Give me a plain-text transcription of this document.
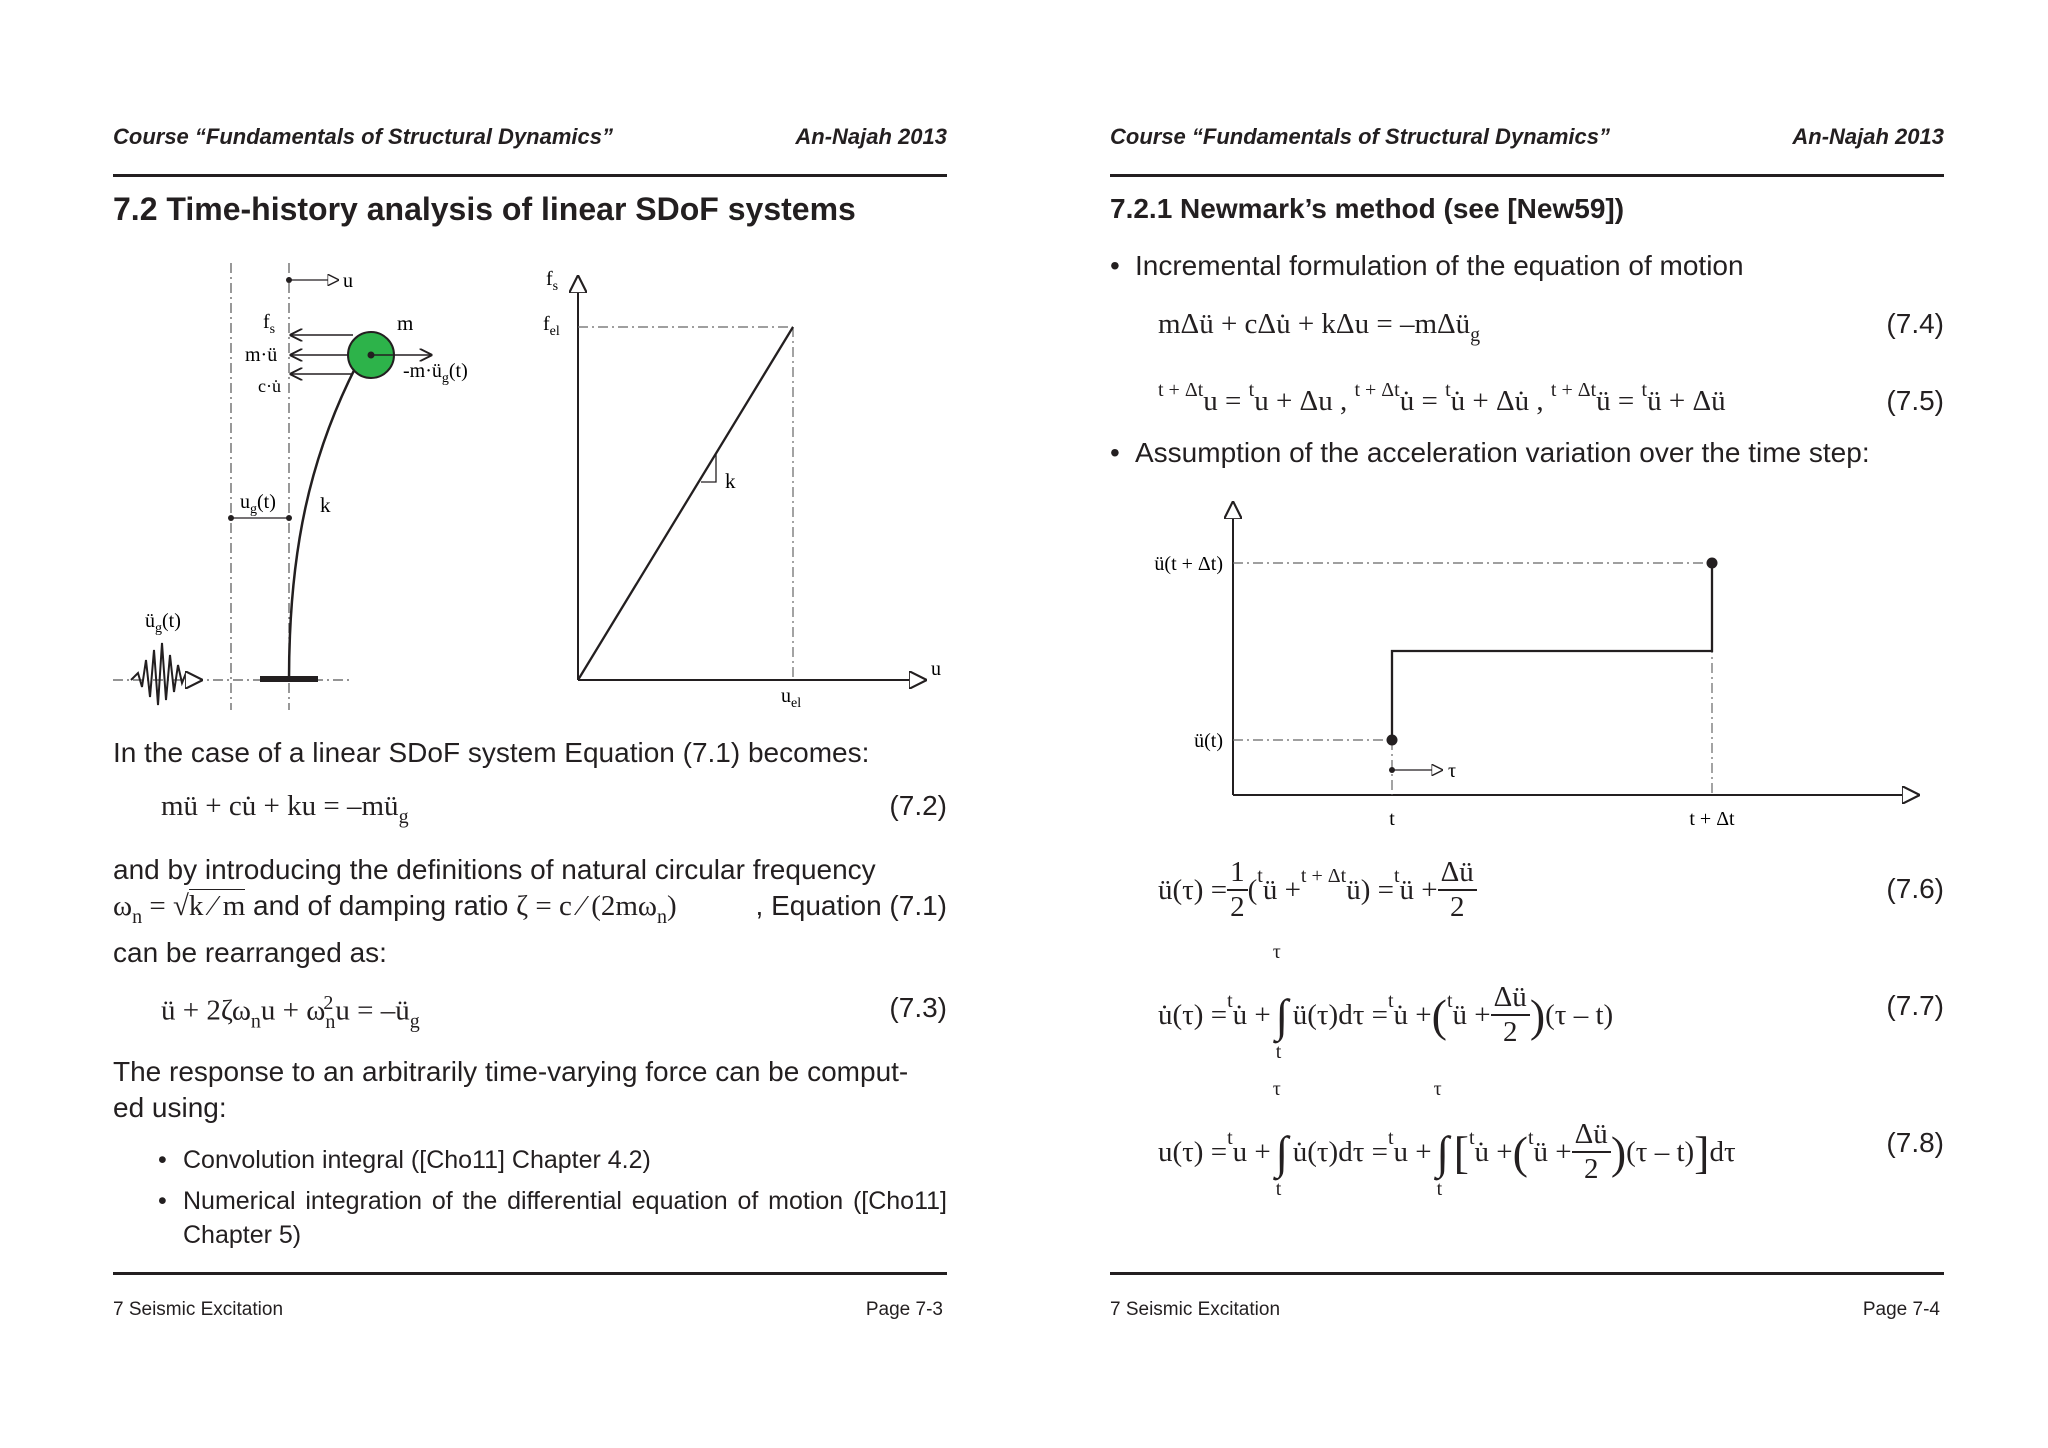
Course “Fundamentals of Structural Dynamics”	An-Najah 2013
7.2 Time-history analysis of linear SDoF systems
u
m
$f_s$
m·ü
c·u̇
$-m\cdot ü_g(t)$
$u_g(t)$ k
$ü_g(t)$
k
$f_s$
$f_{el}$
$u_{el}$
u
In the case of a linear SDoF system Equation (7.1) becomes:
mü + cu̇ + ku = $-mü_g$	(7.2)
and by introducing the definitions of natural circular frequency
$\omega_n = √k$ ⁄ m and of damping ratio ζ = c ⁄ $(2m\omega_n)$	, Equation (7.1)
can be rearranged as:
ü + $2\zeta\omega_nu + \omega^2_nu$ = $-ü_g$	(7.3)
The response to an arbitrarily time-varying force can be comput-
ed using:
• Convolution integral ([Cho11] Chapter 4.2)
• Numerical integration of the differential equation of motion ([Cho11] Chapter 5)
7 Seismic Excitation	Page 7-3
Course “Fundamentals of Structural Dynamics”	An-Najah 2013
7.2.1 Newmark’s method (see [New59])
• Incremental formulation of the equation of motion
mΔü + cΔu̇ + kΔu = –mΔü$_g$	(7.4)
$^{t + \Delta t}$u = $^t$u + Δu , $^{t + \Delta t}$u̇ = $^t$u̇ + Δu̇ , $^{t + \Delta t}$ü = $^t$ü + Δü	(7.5)
• Assumption of the acceleration variation over the time step:
τ
ü(t + Δt)
ü(t)
t	t + Δt
ü(τ) = $\frac{1}{2}$ ( t ü + t + Δt ü) = t ü + $\frac{\Delta ü}{2}$	(7.6)
u̇(τ) = t u̇ +
τ
∫
t
ü(τ)dτ = t u̇ + ( t ü + $\frac{\Delta ü}{2}$ ) (τ – t)	(7.7)
u(τ) = t u +
τ
∫
t
u̇(τ)dτ = t u +
τ
∫
t
[ t u̇ + ( t ü + $\frac{\Delta ü}{2}$ ) (τ – t) ] dτ	(7.8)
7 Seismic Excitation	Page 7-4
